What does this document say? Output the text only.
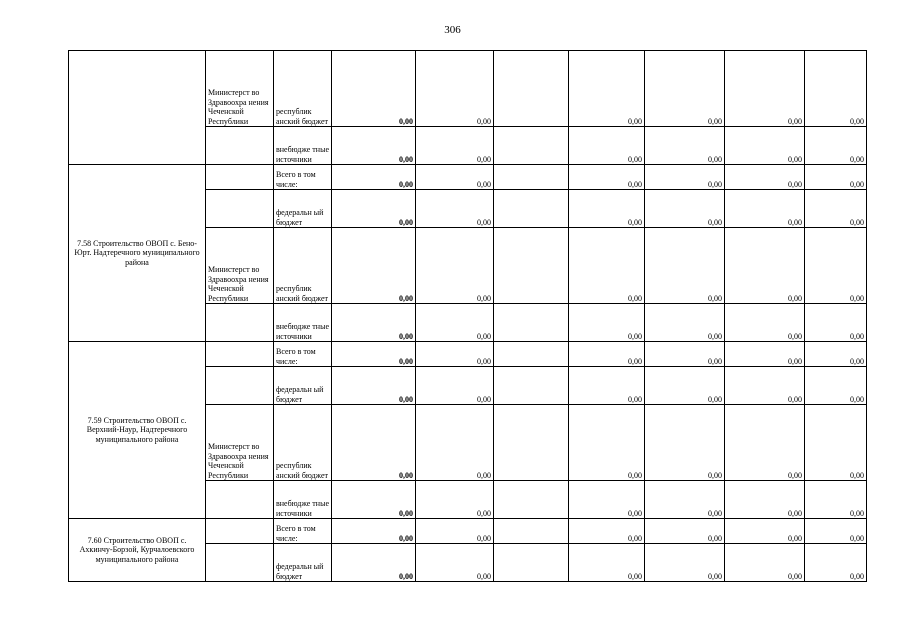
306
	Министерст во Здравоохра нения Чеченской Республики	республик анский бюджет	0,00	0,00		0,00	0,00	0,00	0,00
		внебюдже тные источники	0,00	0,00		0,00	0,00	0,00	0,00
7.58 Строительство ОВОП с. Бено-Юрт. Надтеречного муниципального района		Всего в том числе:	0,00	0,00		0,00	0,00	0,00	0,00
		федеральн ый бюджет	0,00	0,00		0,00	0,00	0,00	0,00
	Министерст во Здравоохра нения Чеченской Республики	республик анский бюджет	0,00	0,00		0,00	0,00	0,00	0,00
		внебюдже тные источники	0,00	0,00		0,00	0,00	0,00	0,00
7.59 Строительство ОВОП с. Верхний-Наур, Надтеречного муниципального района		Всего в том числе:	0,00	0,00		0,00	0,00	0,00	0,00
		федеральн ый бюджет	0,00	0,00		0,00	0,00	0,00	0,00
	Министерст во Здравоохра нения Чеченской Республики	республик анский бюджет	0,00	0,00		0,00	0,00	0,00	0,00
		внебюдже тные источники	0,00	0,00		0,00	0,00	0,00	0,00
7.60 Строительство ОВОП с. Ахкинчу-Борзой, Курчалоевского муниципального района		Всего в том числе:	0,00	0,00		0,00	0,00	0,00	0,00
		федеральн ый бюджет	0,00	0,00		0,00	0,00	0,00	0,00
